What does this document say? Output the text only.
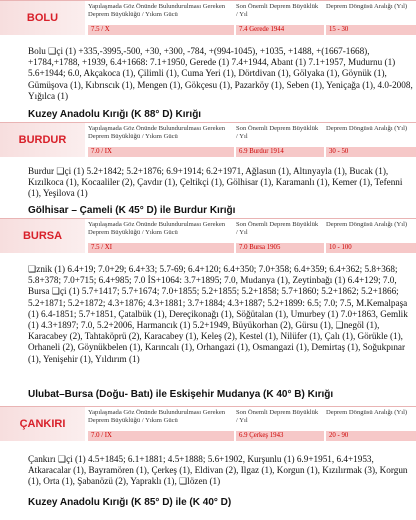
BOLU
Yapılaşmada Göz Önünde Bulundurulması Gereken Deprem Büyüklüğü / Yıkım Gücü
Son Önemli Deprem Büyüklük / Yıl
Deprem Döngüsü Aralığı (Yıl)
7.5 / X	7.4 Gerede 1944	15 - 30
Bolu ❑çi (1) +335,-3995,-500, +30, +300, -784, +(994-1045), +1035, +1488, +(1667-1668), +1784,+1788, +1939, 6.4+1668: 7.1+1950, Gerede (1) 7.4+1944, Abant (1) 7.1+1957, Mudurnu (1) 5.6+1944; 6.0, Akçakoca (1), Çilimli (1), Cuma Yeri (1), Dörtdivan (1), Gölyaka (1), Göynük (1), Gümüşova (1), Kıbrıscık (1), Mengen (1), Gökçesu (1), Pazarköy (1), Seben (1), Yeniçağa (1), 4.0-2008, Yığılca (1)
Kuzey Anadolu Kırığı (K 88° D) Kırığı
BURDUR
Yapılaşmada Göz Önünde Bulundurulması Gereken Deprem Büyüklüğü / Yıkım Gücü
Son Önemli Deprem Büyüklük / Yıl
Deprem Döngüsü Aralığı (Yıl)
7.0 / IX	6.9 Burdur 1914	30 - 50
Burdur ❑çi (1) 5.2+1842; 5.2+1876; 6.9+1914; 6.2+1971, Ağlasun (1), Altınyayla (1), Bucak (1), Kızılkoca (1), Kocaaliler (2), Çavdır (1), Çeltikçi (1), Gölhisar (1), Karamanlı (1), Kemer (1), Tefenni (1), Yeşilova (1)
Gölhisar – Çameli (K 45° D) ile Burdur Kırığı
BURSA
Yapılaşmada Göz Önünde Bulundurulması Gereken Deprem Büyüklüğü / Yıkım Gücü
Son Önemli Deprem Büyüklük / Yıl
Deprem Döngüsü Aralığı (Yıl)
7.5 / XI	7.0 Bursa 1905	10 - 100
❑znik (1) 6.4+19; 7.0+29; 6.4+33; 5.7-69; 6.4+120; 6.4+350; 7.0+358; 6.4+359; 6.4+362; 5.8+368; 5.8+378; 7.0+715; 6.4+985; 7.0 İS+1064: 3.7+1895; 7.0, Mudanya (1), Zeytinbağı (1) 6.4+129; 7.0, Bursa ❑çi (1) 5.7+1417; 5.7+1674; 7.0+1855; 5.2+1855; 5.2+1858; 5.7+1860; 5.2+1862; 5.2+1866; 5.2+1871; 5.2+1872; 4.3+1876; 4.3+1881; 3.7+1884; 4.3+1887; 5.2+1899: 6.5; 7.0; 7.5, M.Kemalpaşa (1) 6.4-1851; 5.7+1851, Çatalbük (1), Dereçikonağı (1), Söğütalan (1), Umurbey (1) 7.0+1863, Gemlik (1) 4.3+1897; 7.0, 5.2+2006, Harmancık (1) 5.2+1949, Büyükorhan (2), Gürsu (1), ❑negöl (1), Karacabey (2), Tahtaköprü (2), Karacabey (1), Keleş (2), Kestel (1), Nilüfer (1), Çalı (1), Görükle (1), Orhaneli (2), Göynükbelen (1), Karıncalı (1), Orhangazi (1), Osmangazi (1), Demirtaş (1), Soğukpınar (1), Yenişehir (1), Yıldırım (1)
Ulubat–Bursa (Doğu- Batı) ile Eskişehir Mudanya (K 40° B) Kırığı
ÇANKIRI
Yapılaşmada Göz Önünde Bulundurulması Gereken Deprem Büyüklüğü / Yıkım Gücü
Son Önemli Deprem Büyüklük / Yıl
Deprem Döngüsü Aralığı (Yıl)
7.0 / IX	6.9 Çerkeş 1943	20 - 90
Çankırı ❑çi (1) 4.5+1845; 6.1+1881; 4.5+1888; 5.6+1902, Kurşunlu (1) 6.9+1951, 6.4+1953, Atkaracalar (1), Bayramören (1), Çerkeş (1), Eldivan (2), Ilgaz (1), Korgun (1), Kızılırmak (3), Korgun (1), Orta (1), Şabanözü (2), Yapraklı (1), ❑lözen (1)
Kuzey Anadolu Kırığı (K 85° D) ile (K 40° D)
